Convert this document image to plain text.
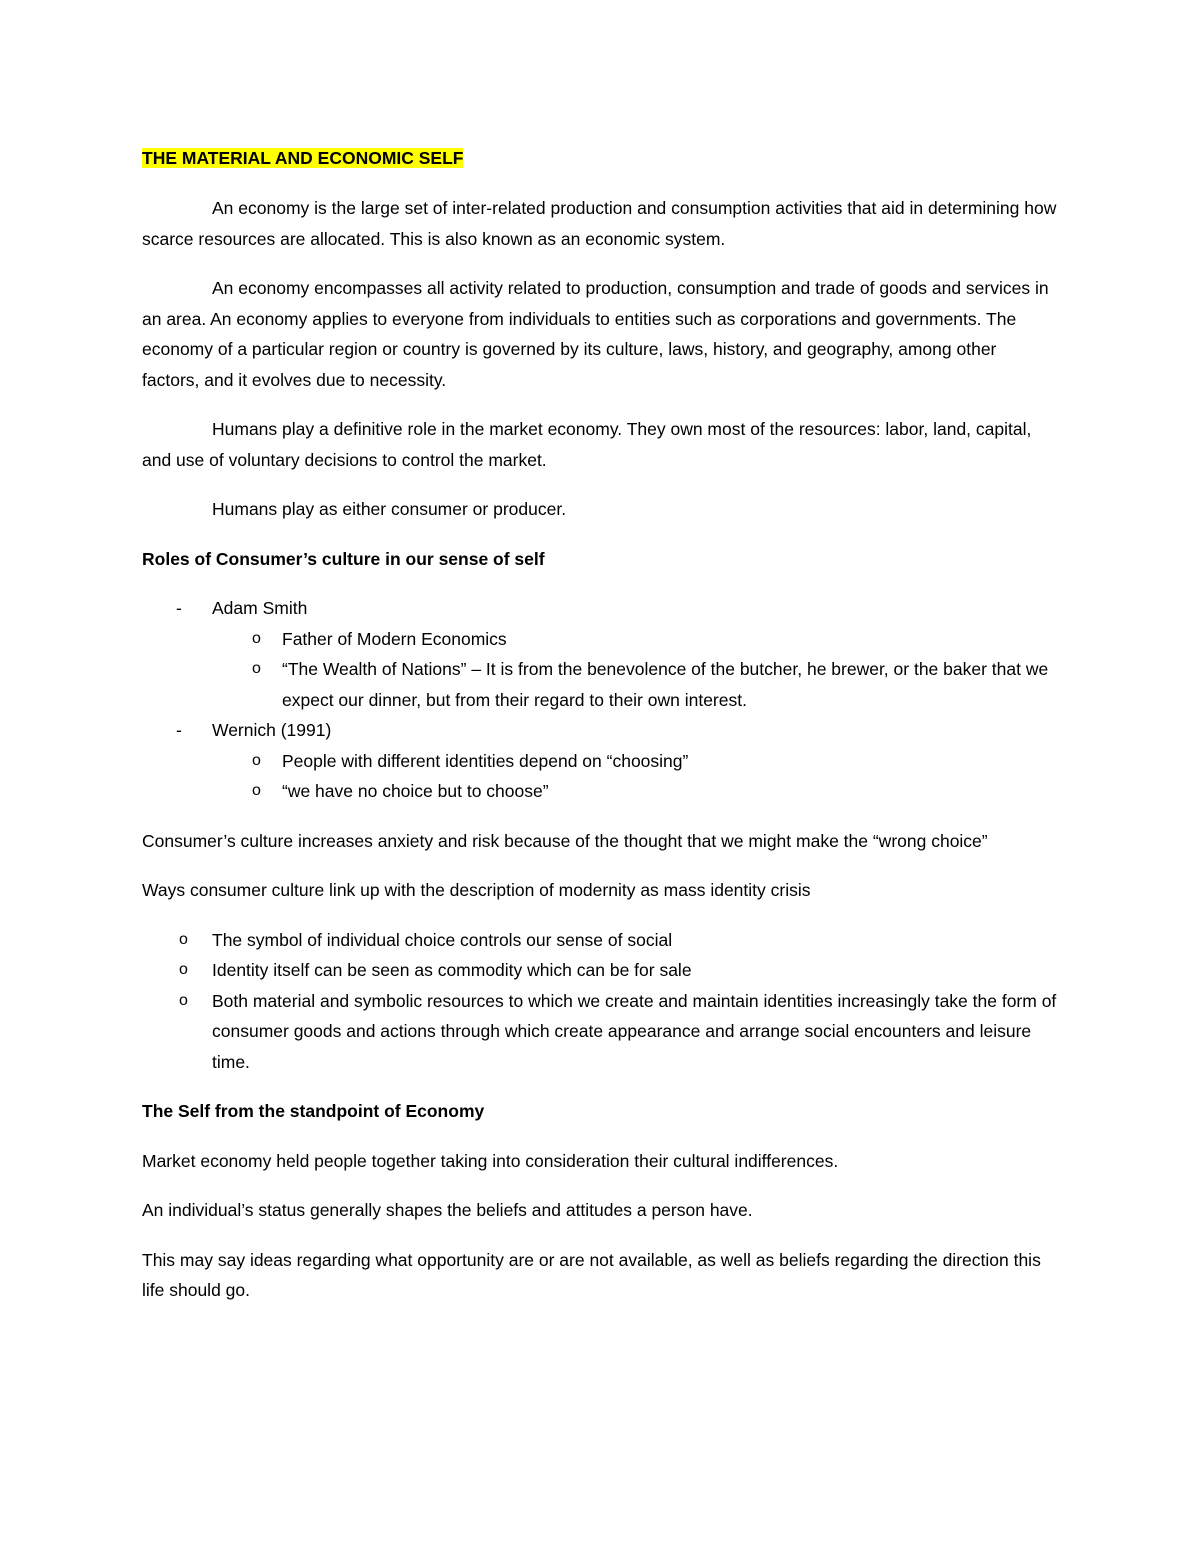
THE MATERIAL AND ECONOMIC SELF

An economy is the large set of inter-related production and consumption activities that aid in determining how scarce resources are allocated. This is also known as an economic system.

An economy encompasses all activity related to production, consumption and trade of goods and services in an area. An economy applies to everyone from individuals to entities such as corporations and governments. The economy of a particular region or country is governed by its culture, laws, history, and geography, among other factors, and it evolves due to necessity.

Humans play a definitive role in the market economy. They own most of the resources: labor, land, capital, and use of voluntary decisions to control the market.

Humans play as either consumer or producer.

Roles of Consumer’s culture in our sense of self
- Adam Smith
o Father of Modern Economics
o “The Wealth of Nations” – It is from the benevolence of the butcher, he brewer, or the baker that we expect our dinner, but from their regard to their own interest.
- Wernich (1991)
o People with different identities depend on “choosing”
o “we have no choice but to choose”

Consumer’s culture increases anxiety and risk because of the thought that we might make the “wrong choice”

Ways consumer culture link up with the description of modernity as mass identity crisis

o The symbol of individual choice controls our sense of social
o Identity itself can be seen as commodity which can be for sale
o Both material and symbolic resources to which we create and maintain identities increasingly take the form of consumer goods and actions through which create appearance and arrange social encounters and leisure time.
The Self from the standpoint of Economy

Market economy held people together taking into consideration their cultural indifferences.

An individual’s status generally shapes the beliefs and attitudes a person have.

This may say ideas regarding what opportunity are or are not available, as well as beliefs regarding the direction this life should go.
